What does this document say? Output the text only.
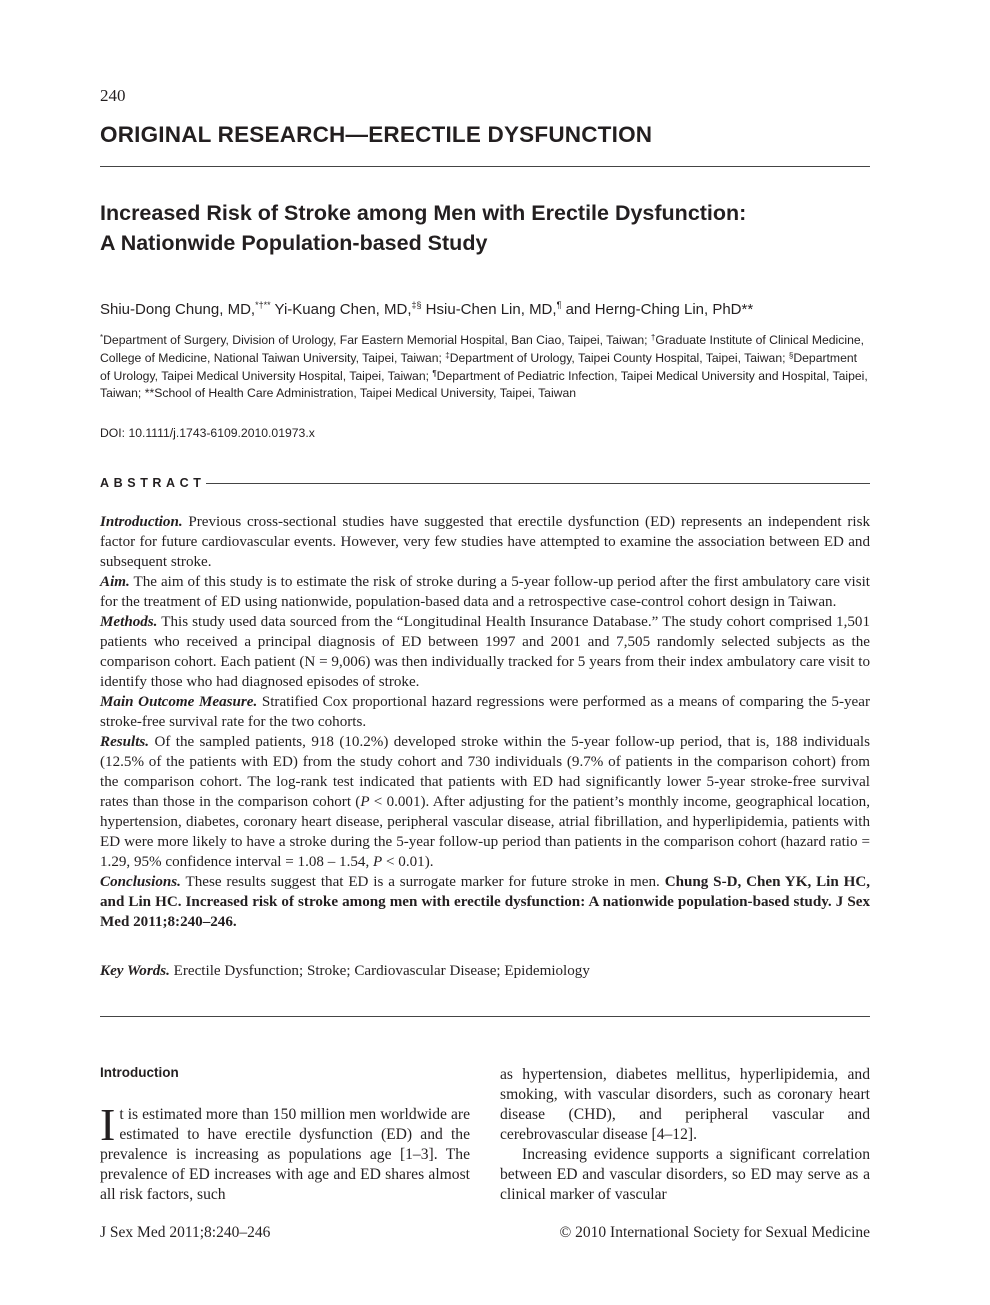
240
ORIGINAL RESEARCH—ERECTILE DYSFUNCTION
Increased Risk of Stroke among Men with Erectile Dysfunction:
A Nationwide Population-based Study
Shiu-Dong Chung, MD,*†** Yi-Kuang Chen, MD,‡§ Hsiu-Chen Lin, MD,¶ and Herng-Ching Lin, PhD**
*Department of Surgery, Division of Urology, Far Eastern Memorial Hospital, Ban Ciao, Taipei, Taiwan; †Graduate Institute of Clinical Medicine, College of Medicine, National Taiwan University, Taipei, Taiwan; ‡Department of Urology, Taipei County Hospital, Taipei, Taiwan; §Department of Urology, Taipei Medical University Hospital, Taipei, Taiwan; ¶Department of Pediatric Infection, Taipei Medical University and Hospital, Taipei, Taiwan; **School of Health Care Administration, Taipei Medical University, Taipei, Taiwan
DOI: 10.1111/j.1743-6109.2010.01973.x
ABSTRACT

Introduction. Previous cross-sectional studies have suggested that erectile dysfunction (ED) represents an independent risk factor for future cardiovascular events. However, very few studies have attempted to examine the association between ED and subsequent stroke.

Aim. The aim of this study is to estimate the risk of stroke during a 5-year follow-up period after the first ambulatory care visit for the treatment of ED using nationwide, population-based data and a retrospective case-control cohort design in Taiwan.

Methods. This study used data sourced from the “Longitudinal Health Insurance Database.” The study cohort comprised 1,501 patients who received a principal diagnosis of ED between 1997 and 2001 and 7,505 randomly selected subjects as the comparison cohort. Each patient (N = 9,006) was then individually tracked for 5 years from their index ambulatory care visit to identify those who had diagnosed episodes of stroke.

Main Outcome Measure. Stratified Cox proportional hazard regressions were performed as a means of comparing the 5-year stroke-free survival rate for the two cohorts.

Results. Of the sampled patients, 918 (10.2%) developed stroke within the 5-year follow-up period, that is, 188 individuals (12.5% of the patients with ED) from the study cohort and 730 individuals (9.7% of patients in the comparison cohort) from the comparison cohort. The log-rank test indicated that patients with ED had significantly lower 5-year stroke-free survival rates than those in the comparison cohort (P < 0.001). After adjusting for the patient’s monthly income, geographical location, hypertension, diabetes, coronary heart disease, peripheral vascular disease, atrial fibrillation, and hyperlipidemia, patients with ED were more likely to have a stroke during the 5-year follow-up period than patients in the comparison cohort (hazard ratio = 1.29, 95% confidence interval = 1.08 – 1.54, P < 0.01).

Conclusions. These results suggest that ED is a surrogate marker for future stroke in men. Chung S-D, Chen YK, Lin HC, and Lin HC. Increased risk of stroke among men with erectile dysfunction: A nationwide population-based study. J Sex Med 2011;8:240–246.

Key Words. Erectile Dysfunction; Stroke; Cardiovascular Disease; Epidemiology
Introduction

It is estimated more than 150 million men worldwide are estimated to have erectile dysfunction (ED) and the prevalence is increasing as populations age [1–3]. The prevalence of ED increases with age and ED shares almost all risk factors, such

as hypertension, diabetes mellitus, hyperlipidemia, and smoking, with vascular disorders, such as coronary heart disease (CHD), and peripheral vascular and cerebrovascular disease [4–12].

Increasing evidence supports a significant correlation between ED and vascular disorders, so ED may serve as a clinical marker of vascular

J Sex Med 2011;8:240–246	© 2010 International Society for Sexual Medicine
